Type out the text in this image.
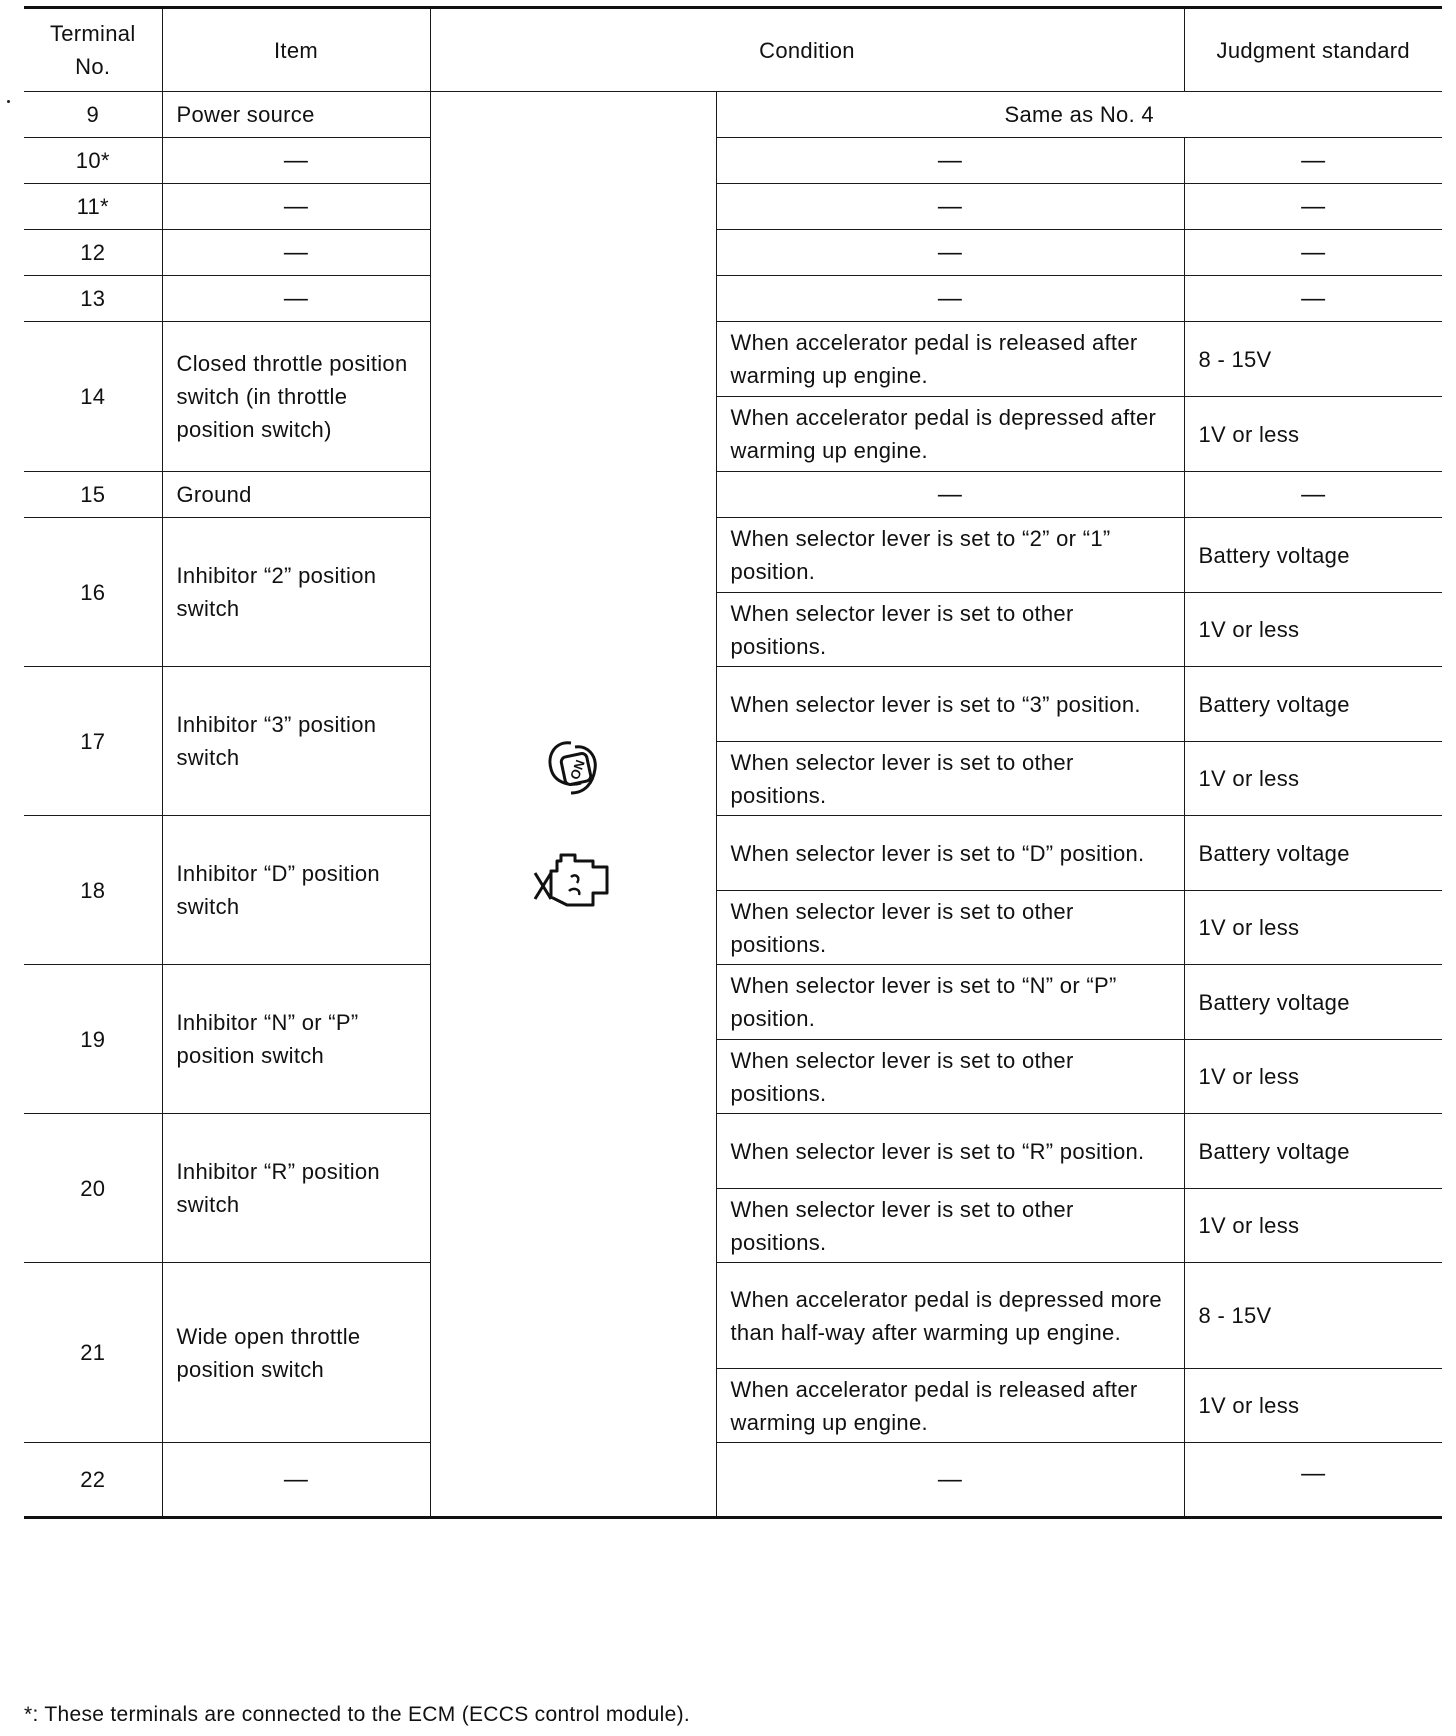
Terminal No.	Item	Condition		Judgment standard
9	Power source	ON	Same as No. 4	
10*	—		—	—
11*	—		—	—
12	—		—	—
13	—		—	—
14	Closed throttle position switch (in throttle position switch)		When accelerator pedal is released after warming up engine.	8 - 15V
			When accelerator pedal is depressed after warming up engine.	1V or less
15	Ground		—	—
16	Inhibitor “2” position switch		When selector lever is set to “2” or “1” position.	Battery voltage
			When selector lever is set to other positions.	1V or less
17	Inhibitor “3” position switch		When selector lever is set to “3” position.	Battery voltage
			When selector lever is set to other positions.	1V or less
18	Inhibitor “D” position switch		When selector lever is set to “D” position.	Battery voltage
			When selector lever is set to other positions.	1V or less
19	Inhibitor “N” or “P” position switch		When selector lever is set to “N” or “P” position.	Battery voltage
			When selector lever is set to other positions.	1V or less
20	Inhibitor “R” position switch		When selector lever is set to “R” position.	Battery voltage
			When selector lever is set to other positions.	1V or less
21	Wide open throttle position switch		When accelerator pedal is depressed more than half-way after warming up engine.	8 - 15V
			When accelerator pedal is released after warming up engine.	1V or less
22	—		—	—
*: These terminals are connected to the ECM (ECCS control module).
